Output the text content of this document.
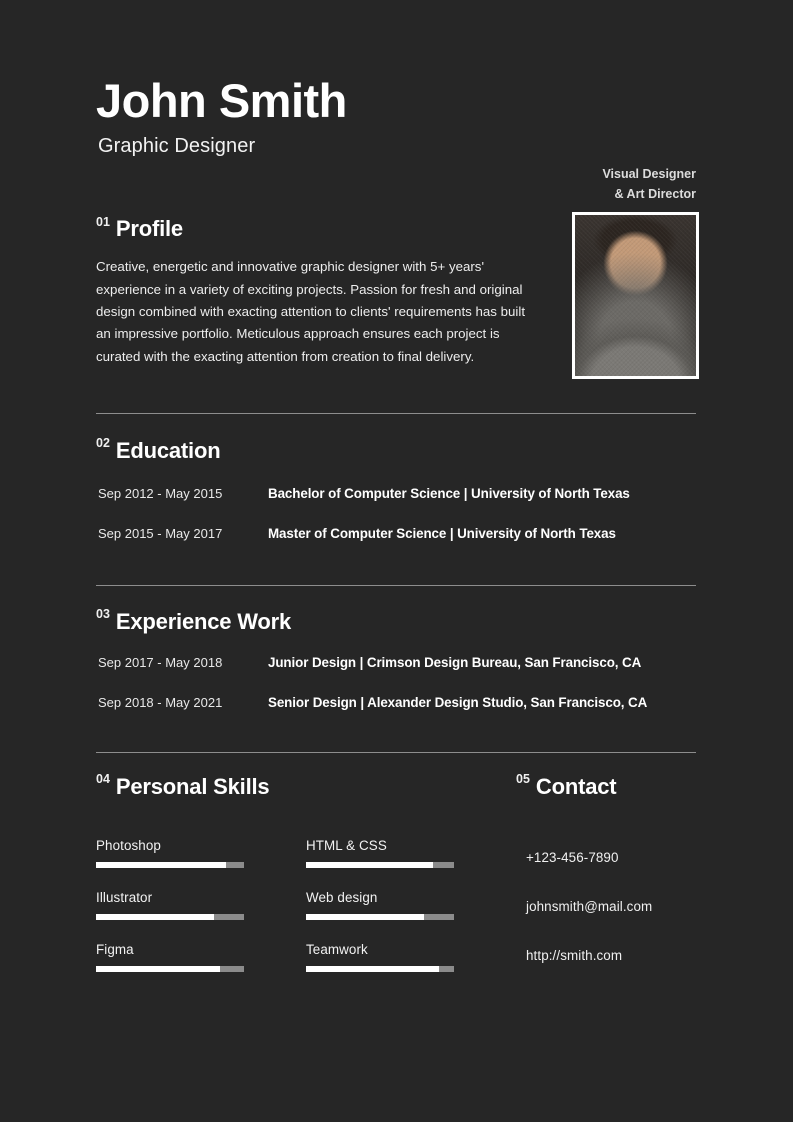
John Smith
Graphic Designer
Visual Designer
& Art Director
01 Profile
Creative, energetic and innovative graphic designer with 5+ years' experience in a variety of exciting projects. Passion for fresh and original design combined with exacting attention to clients' requirements has built an impressive portfolio. Meticulous approach ensures each project is curated with the exacting attention from creation to final delivery.
02 Education
Sep 2012 - May 2015	Bachelor of Computer Science | University of North Texas
Sep 2015 - May 2017	Master of Computer Science | University of North Texas
03 Experience Work
Sep 2017 - May 2018	Junior Design | Crimson Design Bureau, San Francisco, CA
Sep 2018 - May 2021	Senior Design | Alexander Design Studio, San Francisco, CA
04 Personal Skills	05 Contact
Photoshop
Illustrator
Figma
HTML & CSS
Web design
Teamwork
+123-456-7890
johnsmith@mail.com
http://smith.com
